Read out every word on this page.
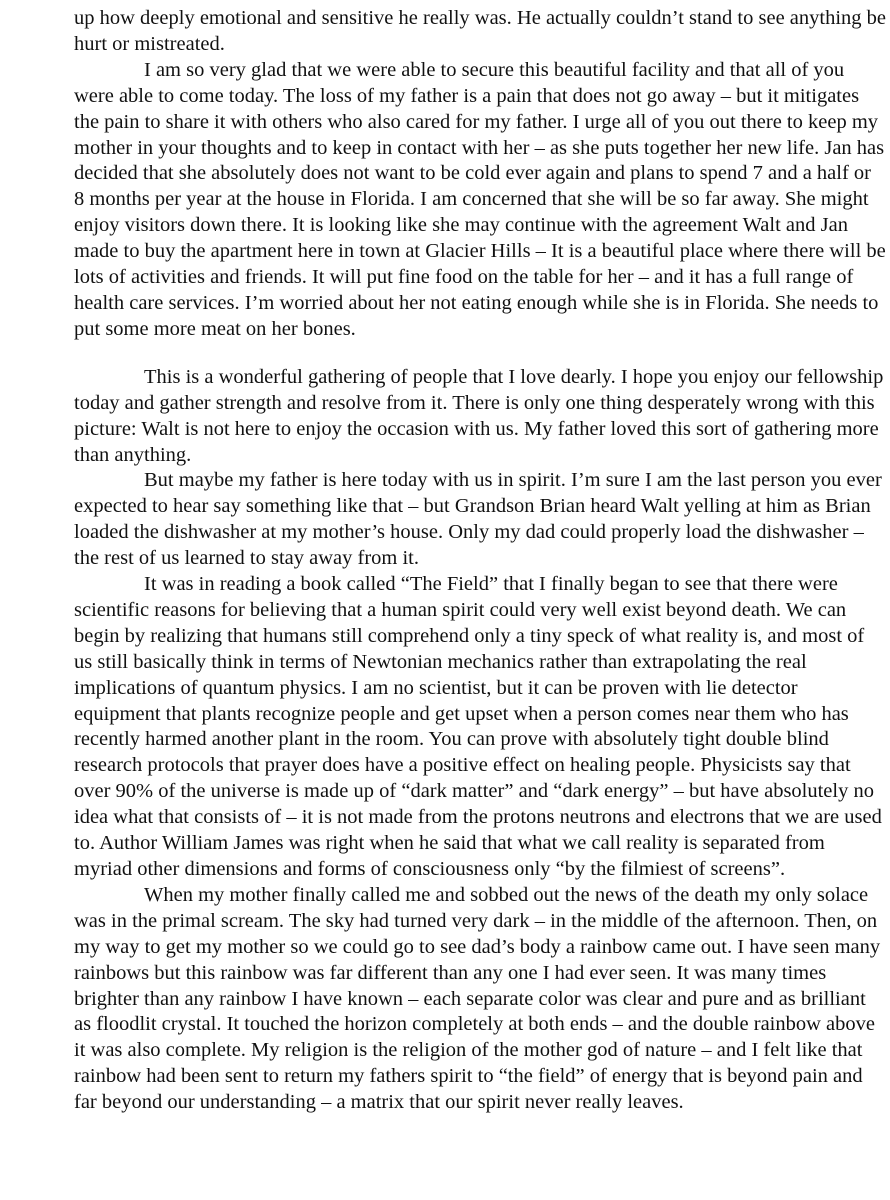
up how deeply emotional and sensitive he really was. He actually couldn’t stand to see anything be hurt or mistreated.

I am so very glad that we were able to secure this beautiful facility and that all of you were able to come today. The loss of my father is a pain that does not go away – but it mitigates the pain to share it with others who also cared for my father. I urge all of you out there to keep my mother in your thoughts and to keep in contact with her – as she puts together her new life. Jan has decided that she absolutely does not want to be cold ever again and plans to spend 7 and a half or 8 months per year at the house in Florida. I am concerned that she will be so far away. She might enjoy visitors down there. It is looking like she may continue with the agreement Walt and Jan made to buy the apartment here in town at Glacier Hills – It is a beautiful place where there will be lots of activities and friends. It will put fine food on the table for her – and it has a full range of health care services. I’m worried about her not eating enough while she is in Florida. She needs to put some more meat on her bones.

This is a wonderful gathering of people that I love dearly. I hope you enjoy our fellowship today and gather strength and resolve from it. There is only one thing desperately wrong with this picture: Walt is not here to enjoy the occasion with us. My father loved this sort of gathering more than anything.

But maybe my father is here today with us in spirit. I’m sure I am the last person you ever expected to hear say something like that – but Grandson Brian heard Walt yelling at him as Brian loaded the dishwasher at my mother’s house. Only my dad could properly load the dishwasher – the rest of us learned to stay away from it.

It was in reading a book called “The Field” that I finally began to see that there were scientific reasons for believing that a human spirit could very well exist beyond death. We can begin by realizing that humans still comprehend only a tiny speck of what reality is, and most of us still basically think in terms of Newtonian mechanics rather than extrapolating the real implications of quantum physics. I am no scientist, but it can be proven with lie detector equipment that plants recognize people and get upset when a person comes near them who has recently harmed another plant in the room. You can prove with absolutely tight double blind research protocols that prayer does have a positive effect on healing people. Physicists say that over 90% of the universe is made up of “dark matter” and “dark energy” – but have absolutely no idea what that consists of – it is not made from the protons neutrons and electrons that we are used to. Author William James was right when he said that what we call reality is separated from myriad other dimensions and forms of consciousness only “by the filmiest of screens”.

When my mother finally called me and sobbed out the news of the death my only solace was in the primal scream. The sky had turned very dark – in the middle of the afternoon. Then, on my way to get my mother so we could go to see dad’s body a rainbow came out. I have seen many rainbows but this rainbow was far different than any one I had ever seen. It was many times brighter than any rainbow I have known – each separate color was clear and pure and as brilliant as floodlit crystal. It touched the horizon completely at both ends – and the double rainbow above it was also complete. My religion is the religion of the mother god of nature – and I felt like that rainbow had been sent to return my fathers spirit to “the field” of energy that is beyond pain and far beyond our understanding – a matrix that our spirit never really leaves.
